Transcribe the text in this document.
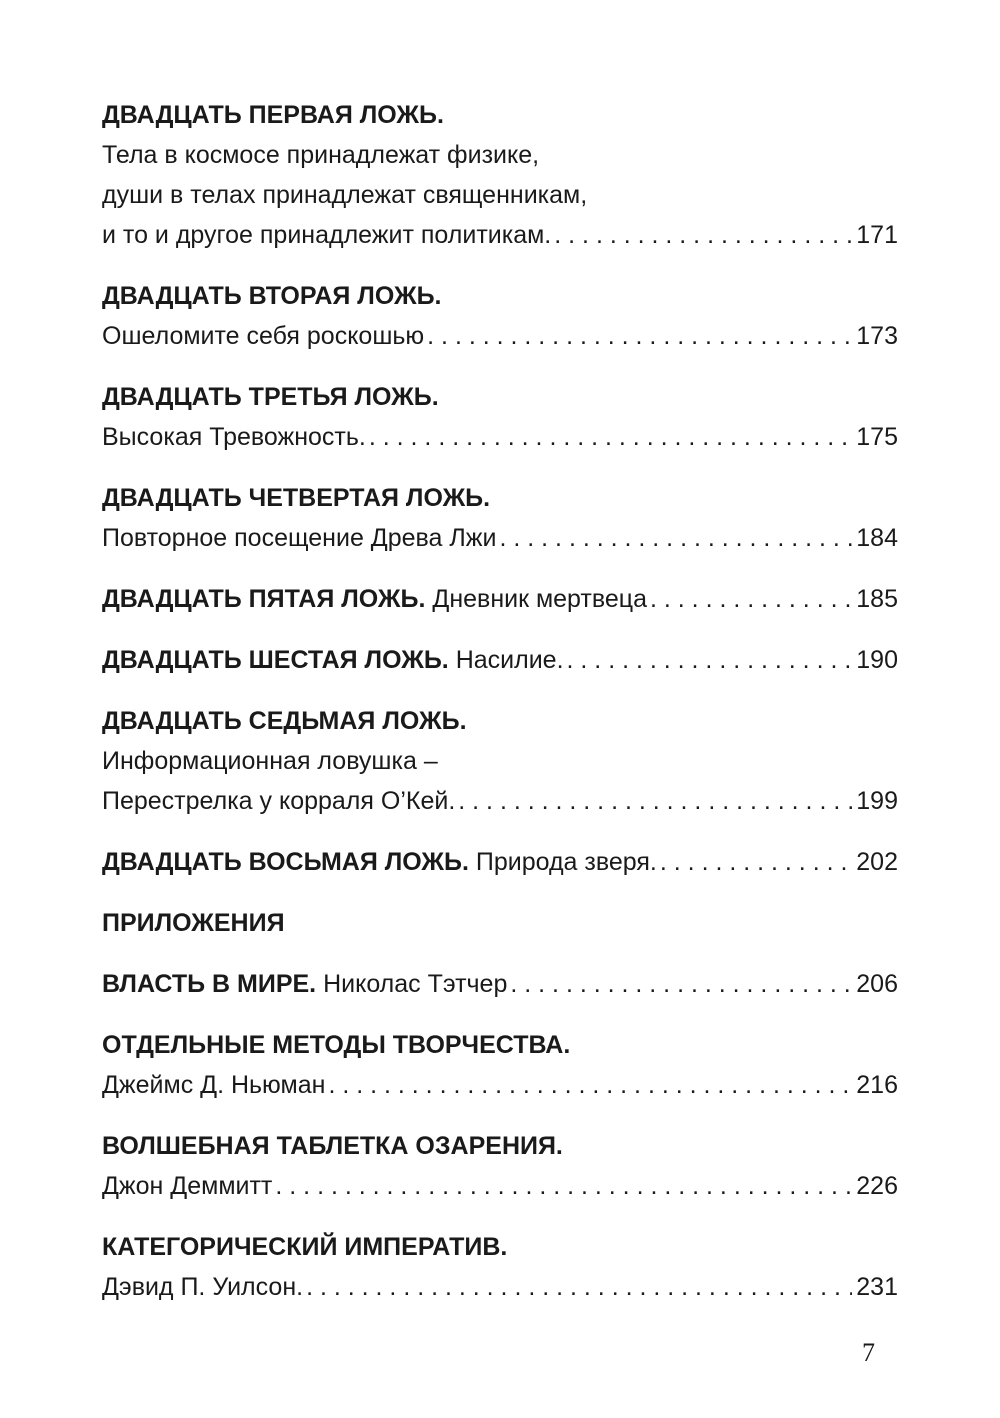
ДВАДЦАТЬ ПЕРВАЯ ЛОЖЬ.
Тела в космосе принадлежат физике,
души в телах принадлежат священникам,
и то и другое принадлежит политикам. . . .	171
ДВАДЦАТЬ ВТОРАЯ ЛОЖЬ.
Ошеломите себя роскошью . . .	173
ДВАДЦАТЬ ТРЕТЬЯ ЛОЖЬ.
Высокая Тревожность. . . .	175
ДВАДЦАТЬ ЧЕТВЕРТАЯ ЛОЖЬ.
Повторное посещение Древа Лжи . . .	184
ДВАДЦАТЬ ПЯТАЯ ЛОЖЬ. Дневник мертвеца . . .	185
ДВАДЦАТЬ ШЕСТАЯ ЛОЖЬ. Насилие. . . .	190
ДВАДЦАТЬ СЕДЬМАЯ ЛОЖЬ.
Информационная ловушка –
Перестрелка у корраля О’Кей. . . .	199
ДВАДЦАТЬ ВОСЬМАЯ ЛОЖЬ. Природа зверя. . . .	202
ПРИЛОЖЕНИЯ
ВЛАСТЬ В МИРЕ. Николас Тэтчер . . .	206
ОТДЕЛЬНЫЕ МЕТОДЫ ТВОРЧЕСТВА.
Джеймс Д. Ньюман . . .	216
ВОЛШЕБНАЯ ТАБЛЕТКА ОЗАРЕНИЯ.
Джон Деммитт . . .	226
КАТЕГОРИЧЕСКИЙ ИМПЕРАТИВ.
Дэвид П. Уилсон. . . .	231
7
